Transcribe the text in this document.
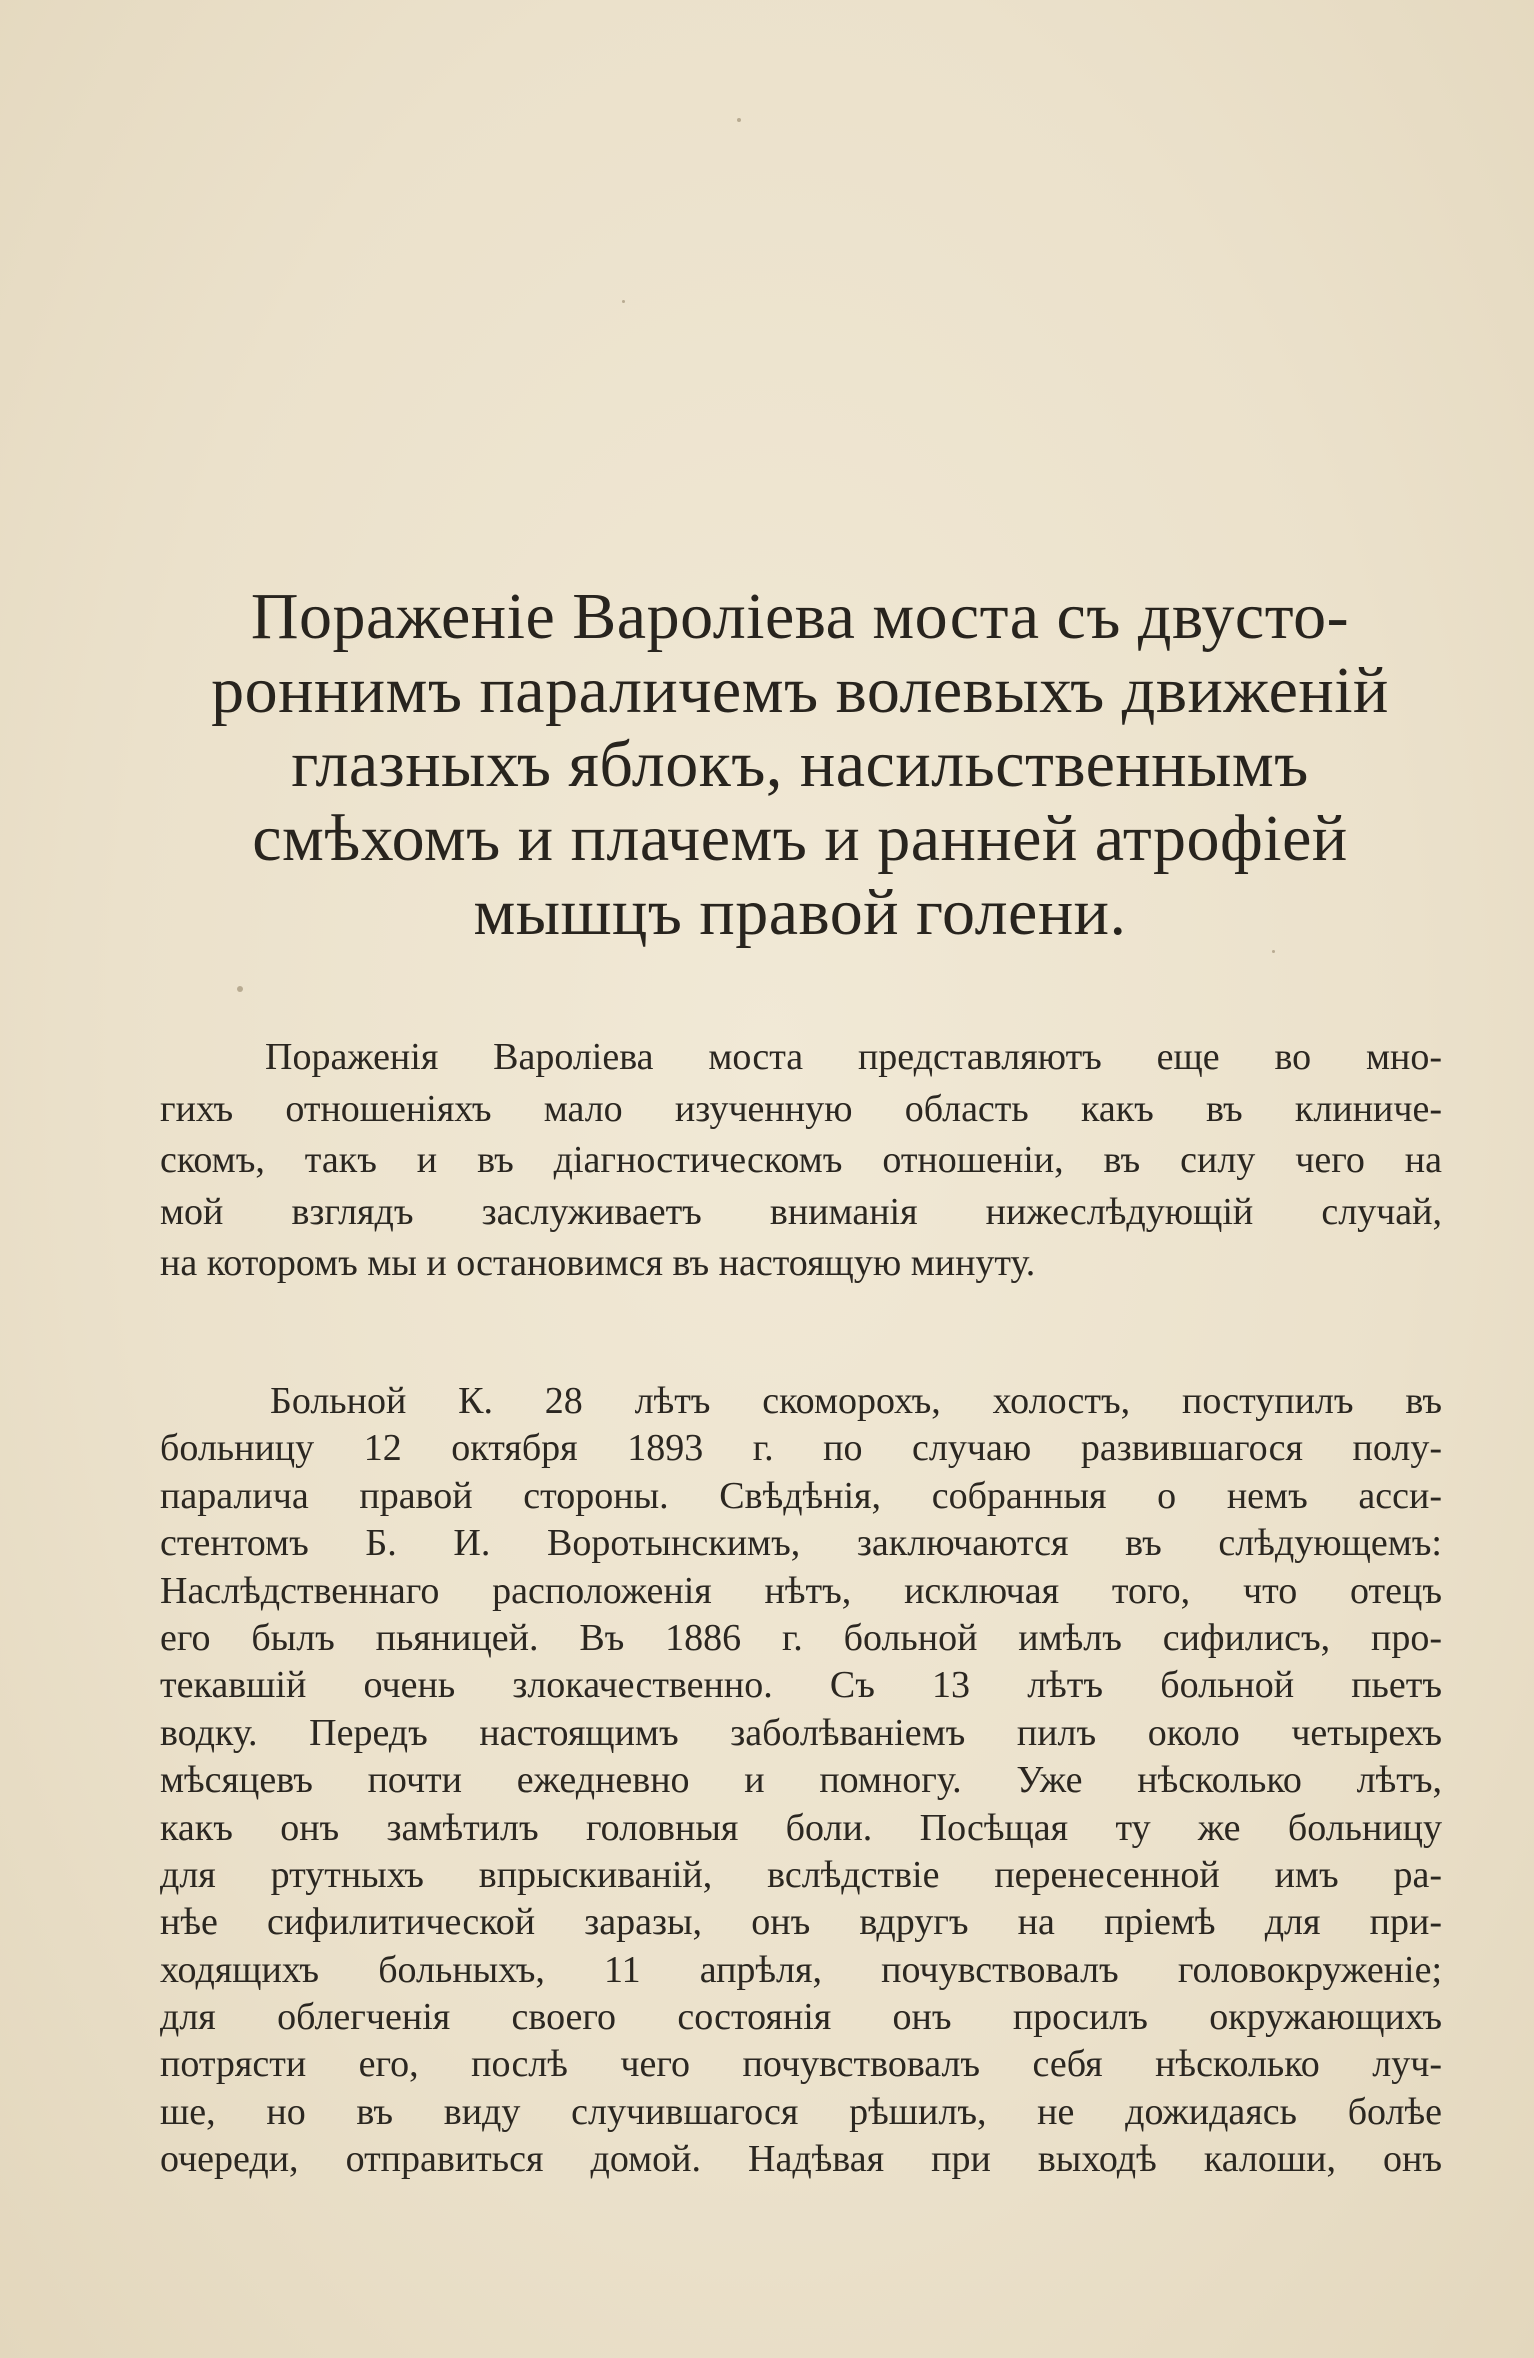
Пораженіе Вароліева моста съ двусто-
роннимъ параличемъ волевыхъ движеній
глазныхъ яблокъ, насильственнымъ
смѣхомъ и плачемъ и ранней атрофіей
мышцъ правой голени.
Пораженія Вароліева моста представляютъ еще во мно-
гихъ отношеніяхъ мало изученную область какъ въ клиниче-
скомъ, такъ и въ діагностическомъ отношеніи, въ силу чего на
мой взглядъ заслуживаетъ вниманія нижеслѣдующій случай,
на которомъ мы и остановимся въ настоящую минуту.
Больной К. 28 лѣтъ скоморохъ, холостъ, поступилъ въ
больницу 12 октября 1893 г. по случаю развившагося полу-
паралича правой стороны. Свѣдѣнія, собранныя о немъ асси-
стентомъ Б. И. Воротынскимъ, заключаются въ слѣдующемъ:
Наслѣдственнаго расположенія нѣтъ, исключая того, что отецъ
его былъ пьяницей. Въ 1886 г. больной имѣлъ сифилисъ, про-
текавшій очень злокачественно. Съ 13 лѣтъ больной пьетъ
водку. Передъ настоящимъ заболѣваніемъ пилъ около четырехъ
мѣсяцевъ почти ежедневно и помногу. Уже нѣсколько лѣтъ,
какъ онъ замѣтилъ головныя боли. Посѣщая ту же больницу
для ртутныхъ впрыскиваній, вслѣдствіе перенесенной имъ ра-
нѣе сифилитической заразы, онъ вдругъ на пріемѣ для при-
ходящихъ больныхъ, 11 апрѣля, почувствовалъ головокруженіе;
для облегченія своего состоянія онъ просилъ окружающихъ
потрясти его, послѣ чего почувствовалъ себя нѣсколько луч-
ше, но въ виду случившагося рѣшилъ, не дожидаясь болѣе
очереди, отправиться домой. Надѣвая при выходѣ калоши, онъ
